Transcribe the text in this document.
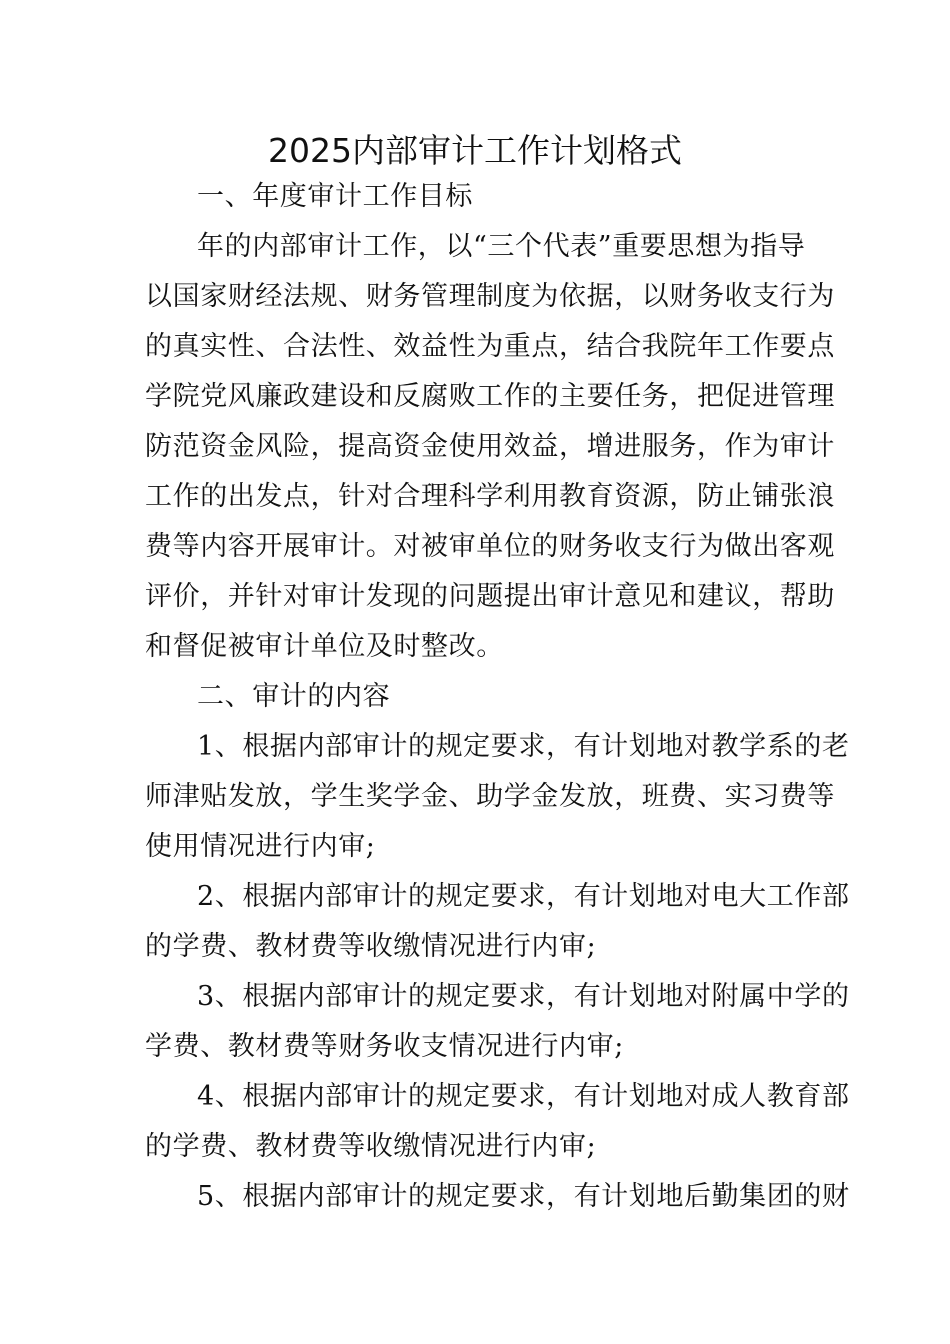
2025内部审计工作计划格式
一、年度审计工作目标
年的内部审计工作，以“三个代表”重要思想为指导
以国家财经法规、财务管理制度为依据，以财务收支行为
的真实性、合法性、效益性为重点，结合我院年工作要点
学院党风廉政建设和反腐败工作的主要任务，把促进管理
防范资金风险，提高资金使用效益，增进服务，作为审计
工作的出发点，针对合理科学利用教育资源，防止铺张浪
费等内容开展审计。对被审单位的财务收支行为做出客观
评价，并针对审计发现的问题提出审计意见和建议，帮助
和督促被审计单位及时整改。
二、审计的内容
1、根据内部审计的规定要求，有计划地对教学系的老
师津贴发放，学生奖学金、助学金发放，班费、实习费等
使用情况进行内审;
2、根据内部审计的规定要求，有计划地对电大工作部
的学费、教材费等收缴情况进行内审;
3、根据内部审计的规定要求，有计划地对附属中学的
学费、教材费等财务收支情况进行内审;
4、根据内部审计的规定要求，有计划地对成人教育部
的学费、教材费等收缴情况进行内审;
5、根据内部审计的规定要求，有计划地后勤集团的财
